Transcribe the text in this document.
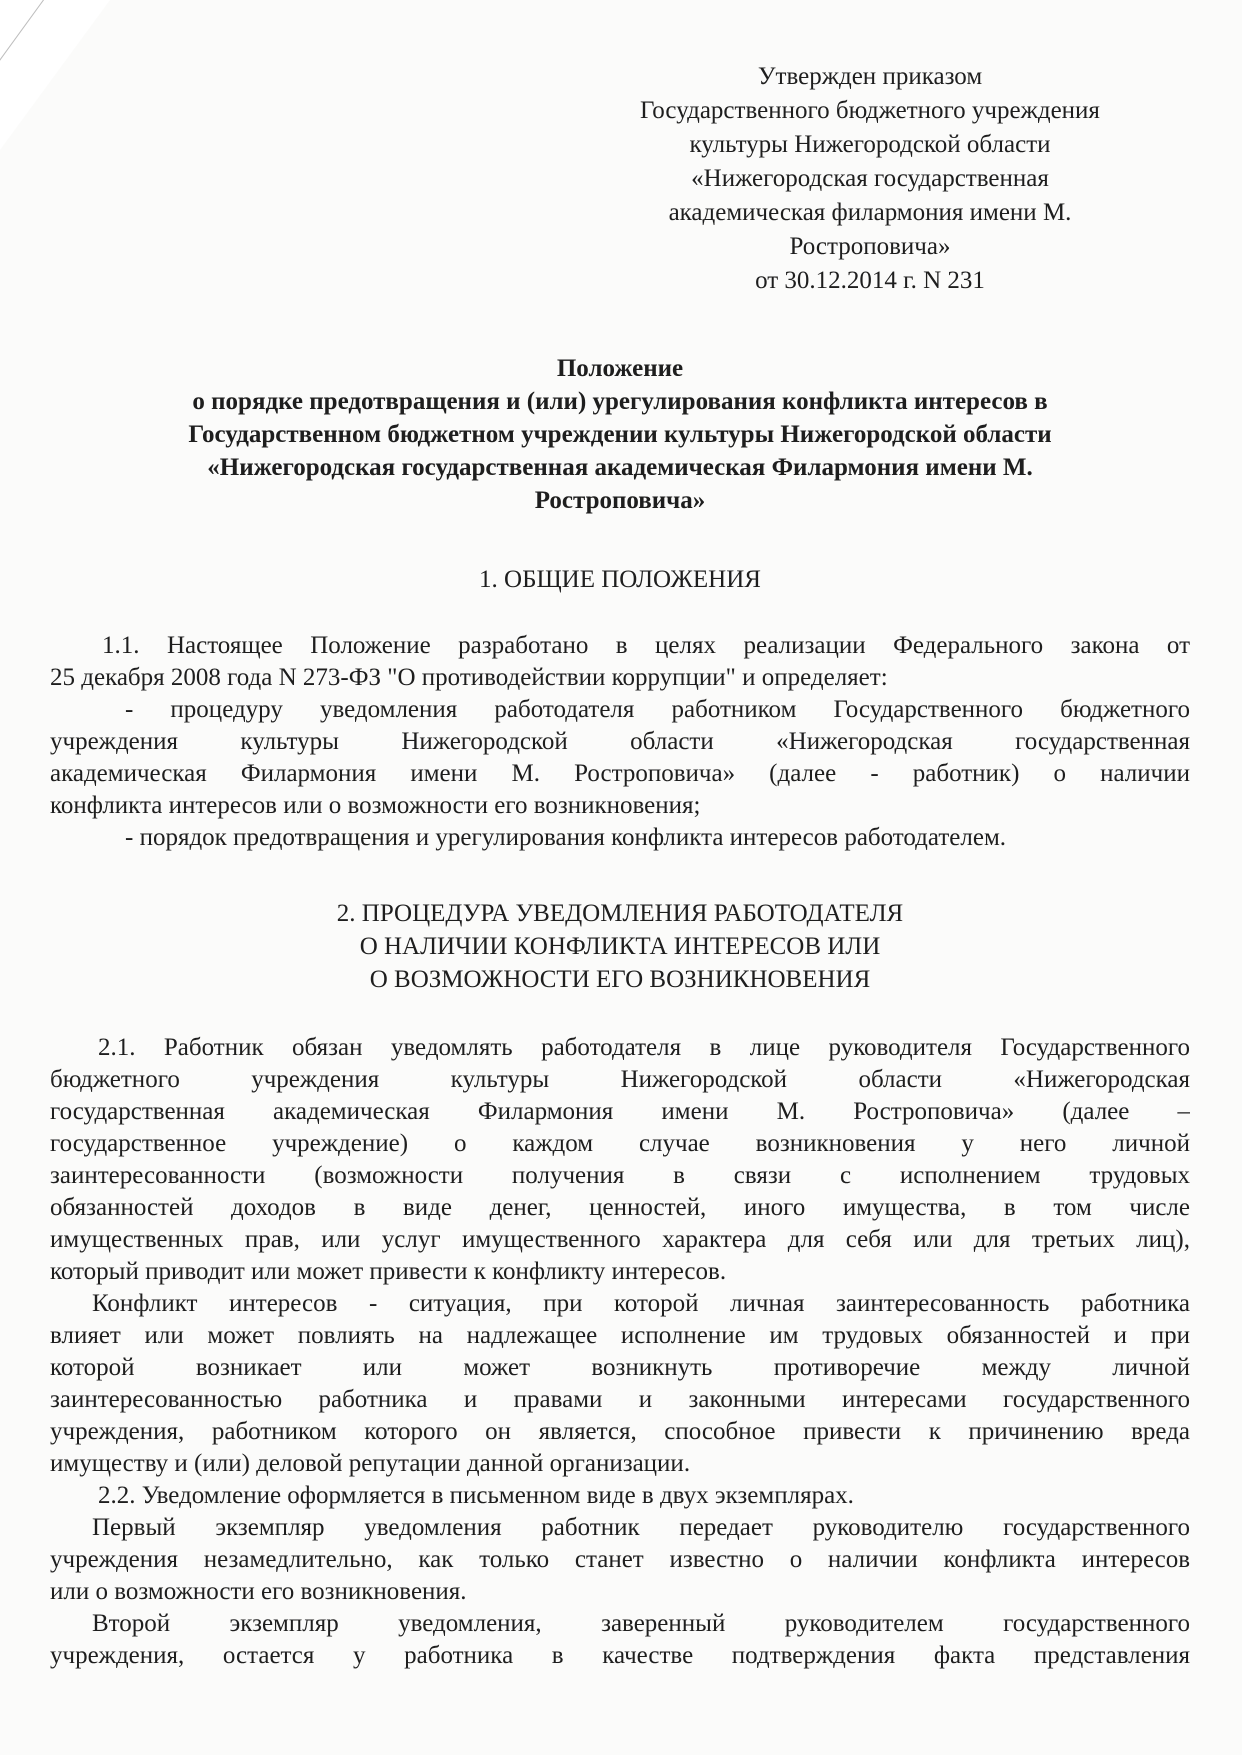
Утвержден приказом
Государственного бюджетного учреждения
культуры Нижегородской области
«Нижегородская государственная
академическая филармония имени М.
Ростроповича»
от 30.12.2014 г. N 231
Положение
о порядке предотвращения и (или) урегулирования конфликта интересов в
Государственном бюджетном учреждении культуры Нижегородской области
«Нижегородская государственная академическая Филармония имени М.
Ростроповича»
1. ОБЩИЕ ПОЛОЖЕНИЯ
1.1. Настоящее Положение разработано в целях реализации Федерального закона от
25 декабря 2008 года N 273-ФЗ "О противодействии коррупции" и определяет:
- процедуру уведомления работодателя работником Государственного бюджетного
учреждения культуры Нижегородской области «Нижегородская государственная
академическая Филармония имени М. Ростроповича» (далее - работник) о наличии
конфликта интересов или о возможности его возникновения;
- порядок предотвращения и урегулирования конфликта интересов работодателем.
2. ПРОЦЕДУРА УВЕДОМЛЕНИЯ РАБОТОДАТЕЛЯ
О НАЛИЧИИ КОНФЛИКТА ИНТЕРЕСОВ ИЛИ
О ВОЗМОЖНОСТИ ЕГО ВОЗНИКНОВЕНИЯ
2.1. Работник обязан уведомлять работодателя в лице руководителя Государственного
бюджетного учреждения культуры Нижегородской области «Нижегородская
государственная академическая Филармония имени М. Ростроповича» (далее –
государственное учреждение) о каждом случае возникновения у него личной
заинтересованности (возможности получения в связи с исполнением трудовых
обязанностей доходов в виде денег, ценностей, иного имущества, в том числе
имущественных прав, или услуг имущественного характера для себя или для третьих лиц),
который приводит или может привести к конфликту интересов.
Конфликт интересов - ситуация, при которой личная заинтересованность работника
влияет или может повлиять на надлежащее исполнение им трудовых обязанностей и при
которой возникает или может возникнуть противоречие между личной
заинтересованностью работника и правами и законными интересами государственного
учреждения, работником которого он является, способное привести к причинению вреда
имуществу и (или) деловой репутации данной организации.
2.2. Уведомление оформляется в письменном виде в двух экземплярах.
Первый экземпляр уведомления работник передает руководителю государственного
учреждения незамедлительно, как только станет известно о наличии конфликта интересов
или о возможности его возникновения.
Второй экземпляр уведомления, заверенный руководителем государственного
учреждения, остается у работника в качестве подтверждения факта представления
